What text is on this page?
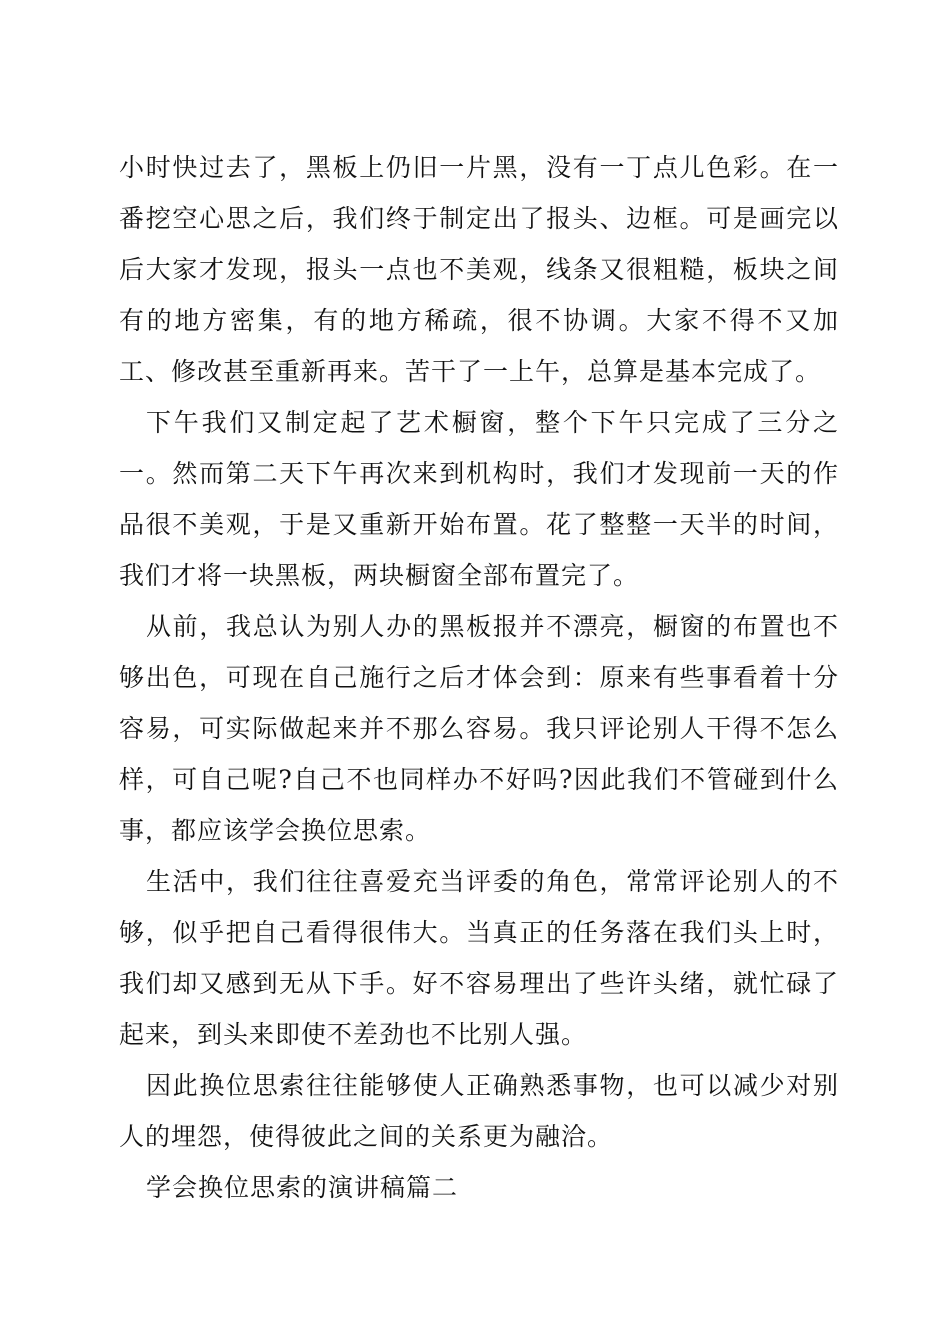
小时快过去了，黑板上仍旧一片黑，没有一丁点儿色彩。在一番挖空心思之后，我们终于制定出了报头、边框。可是画完以后大家才发现，报头一点也不美观，线条又很粗糙，板块之间有的地方密集，有的地方稀疏，很不协调。大家不得不又加工、修改甚至重新再来。苦干了一上午，总算是基本完成了。

下午我们又制定起了艺术橱窗，整个下午只完成了三分之一。然而第二天下午再次来到机构时，我们才发现前一天的作品很不美观，于是又重新开始布置。花了整整一天半的时间，我们才将一块黑板，两块橱窗全部布置完了。

从前，我总认为别人办的黑板报并不漂亮，橱窗的布置也不够出色，可现在自己施行之后才体会到：原来有些事看着十分容易，可实际做起来并不那么容易。我只评论别人干得不怎么样，可自己呢?自己不也同样办不好吗?因此我们不管碰到什么事，都应该学会换位思索。

生活中，我们往往喜爱充当评委的角色，常常评论别人的不够，似乎把自己看得很伟大。当真正的任务落在我们头上时，我们却又感到无从下手。好不容易理出了些许头绪，就忙碌了起来，到头来即使不差劲也不比别人强。

因此换位思索往往能够使人正确熟悉事物，也可以减少对别人的埋怨，使得彼此之间的关系更为融洽。

学会换位思索的演讲稿篇二
